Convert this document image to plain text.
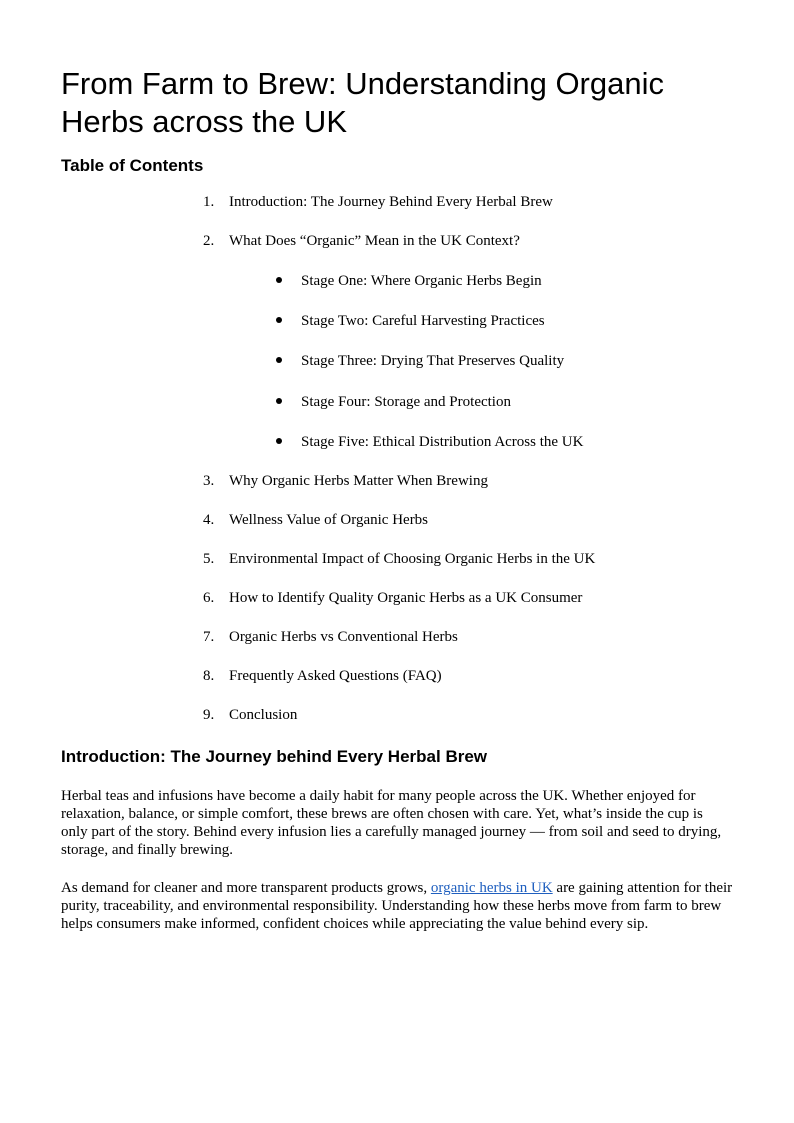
From Farm to Brew: Understanding Organic Herbs across the UK
Table of Contents
1. Introduction: The Journey Behind Every Herbal Brew
2. What Does “Organic” Mean in the UK Context?
Stage One: Where Organic Herbs Begin
Stage Two: Careful Harvesting Practices
Stage Three: Drying That Preserves Quality
Stage Four: Storage and Protection
Stage Five: Ethical Distribution Across the UK
3. Why Organic Herbs Matter When Brewing
4. Wellness Value of Organic Herbs
5. Environmental Impact of Choosing Organic Herbs in the UK
6. How to Identify Quality Organic Herbs as a UK Consumer
7. Organic Herbs vs Conventional Herbs
8. Frequently Asked Questions (FAQ)
9. Conclusion
Introduction: The Journey behind Every Herbal Brew

Herbal teas and infusions have become a daily habit for many people across the UK. Whether enjoyed for relaxation, balance, or simple comfort, these brews are often chosen with care. Yet, what’s inside the cup is only part of the story. Behind every infusion lies a carefully managed journey — from soil and seed to drying, storage, and finally brewing.

As demand for cleaner and more transparent products grows, organic herbs in UK are gaining attention for their purity, traceability, and environmental responsibility. Understanding how these herbs move from farm to brew helps consumers make informed, confident choices while appreciating the value behind every sip.
